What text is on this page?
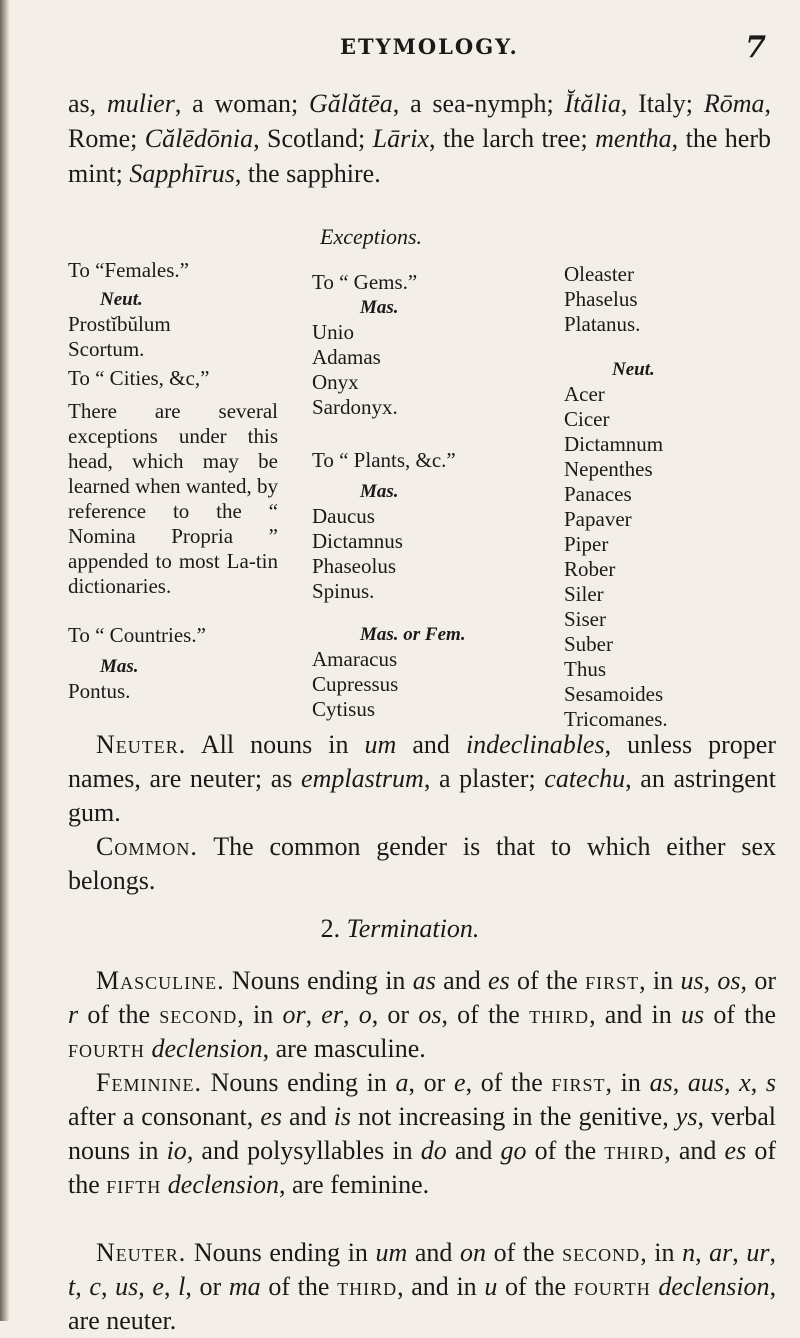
ETYMOLOGY.	7
as, mulier, a woman; Gălătēa, a sea-nymph; Ĭtălia, Italy; Rōma, Rome; Călēdōnia, Scotland; Lārix, the larch tree; mentha, the herb mint; Sapphīrus, the sapphire.
Exceptions.
To “Females.”
Neut.
Prostĭbŭlum
Scortum.
To “ Cities, &c,”
There are several exceptions under this head, which may be learned when wanted, by reference to the “ Nomina Propria ” appended to most La-tin dictionaries.
To “ Countries.”
Mas.
Pontus.
To “ Gems.”
Mas.
Unio
Adamas
Onyx
Sardonyx.
To “ Plants, &c.”
Mas.
Daucus
Dictamnus
Phaseolus
Spinus.
Mas. or Fem.
Amaracus
Cupressus
Cytisus
Oleaster
Phaselus
Platanus.
Neut.
Acer
Cicer
Dictamnum
Nepenthes
Panaces
Papaver
Piper
Rober
Siler
Siser
Suber
Thus
Sesamoides
Tricomanes.
Neuter. All nouns in um and indeclinables, unless proper names, are neuter; as emplastrum, a plaster; catechu, an astringent gum.
Common. The common gender is that to which either sex belongs.
2. Termination.
Masculine. Nouns ending in as and es of the first, in us, os, or r of the second, in or, er, o, or os, of the third, and in us of the fourth declension, are masculine.
Feminine. Nouns ending in a, or e, of the first, in as, aus, x, s after a consonant, es and is not increasing in the genitive, ys, verbal nouns in io, and polysyllables in do and go of the third, and es of the fifth declension, are feminine.
Neuter. Nouns ending in um and on of the second, in n, ar, ur, t, c, us, e, l, or ma of the third, and in u of the fourth declension, are neuter.
